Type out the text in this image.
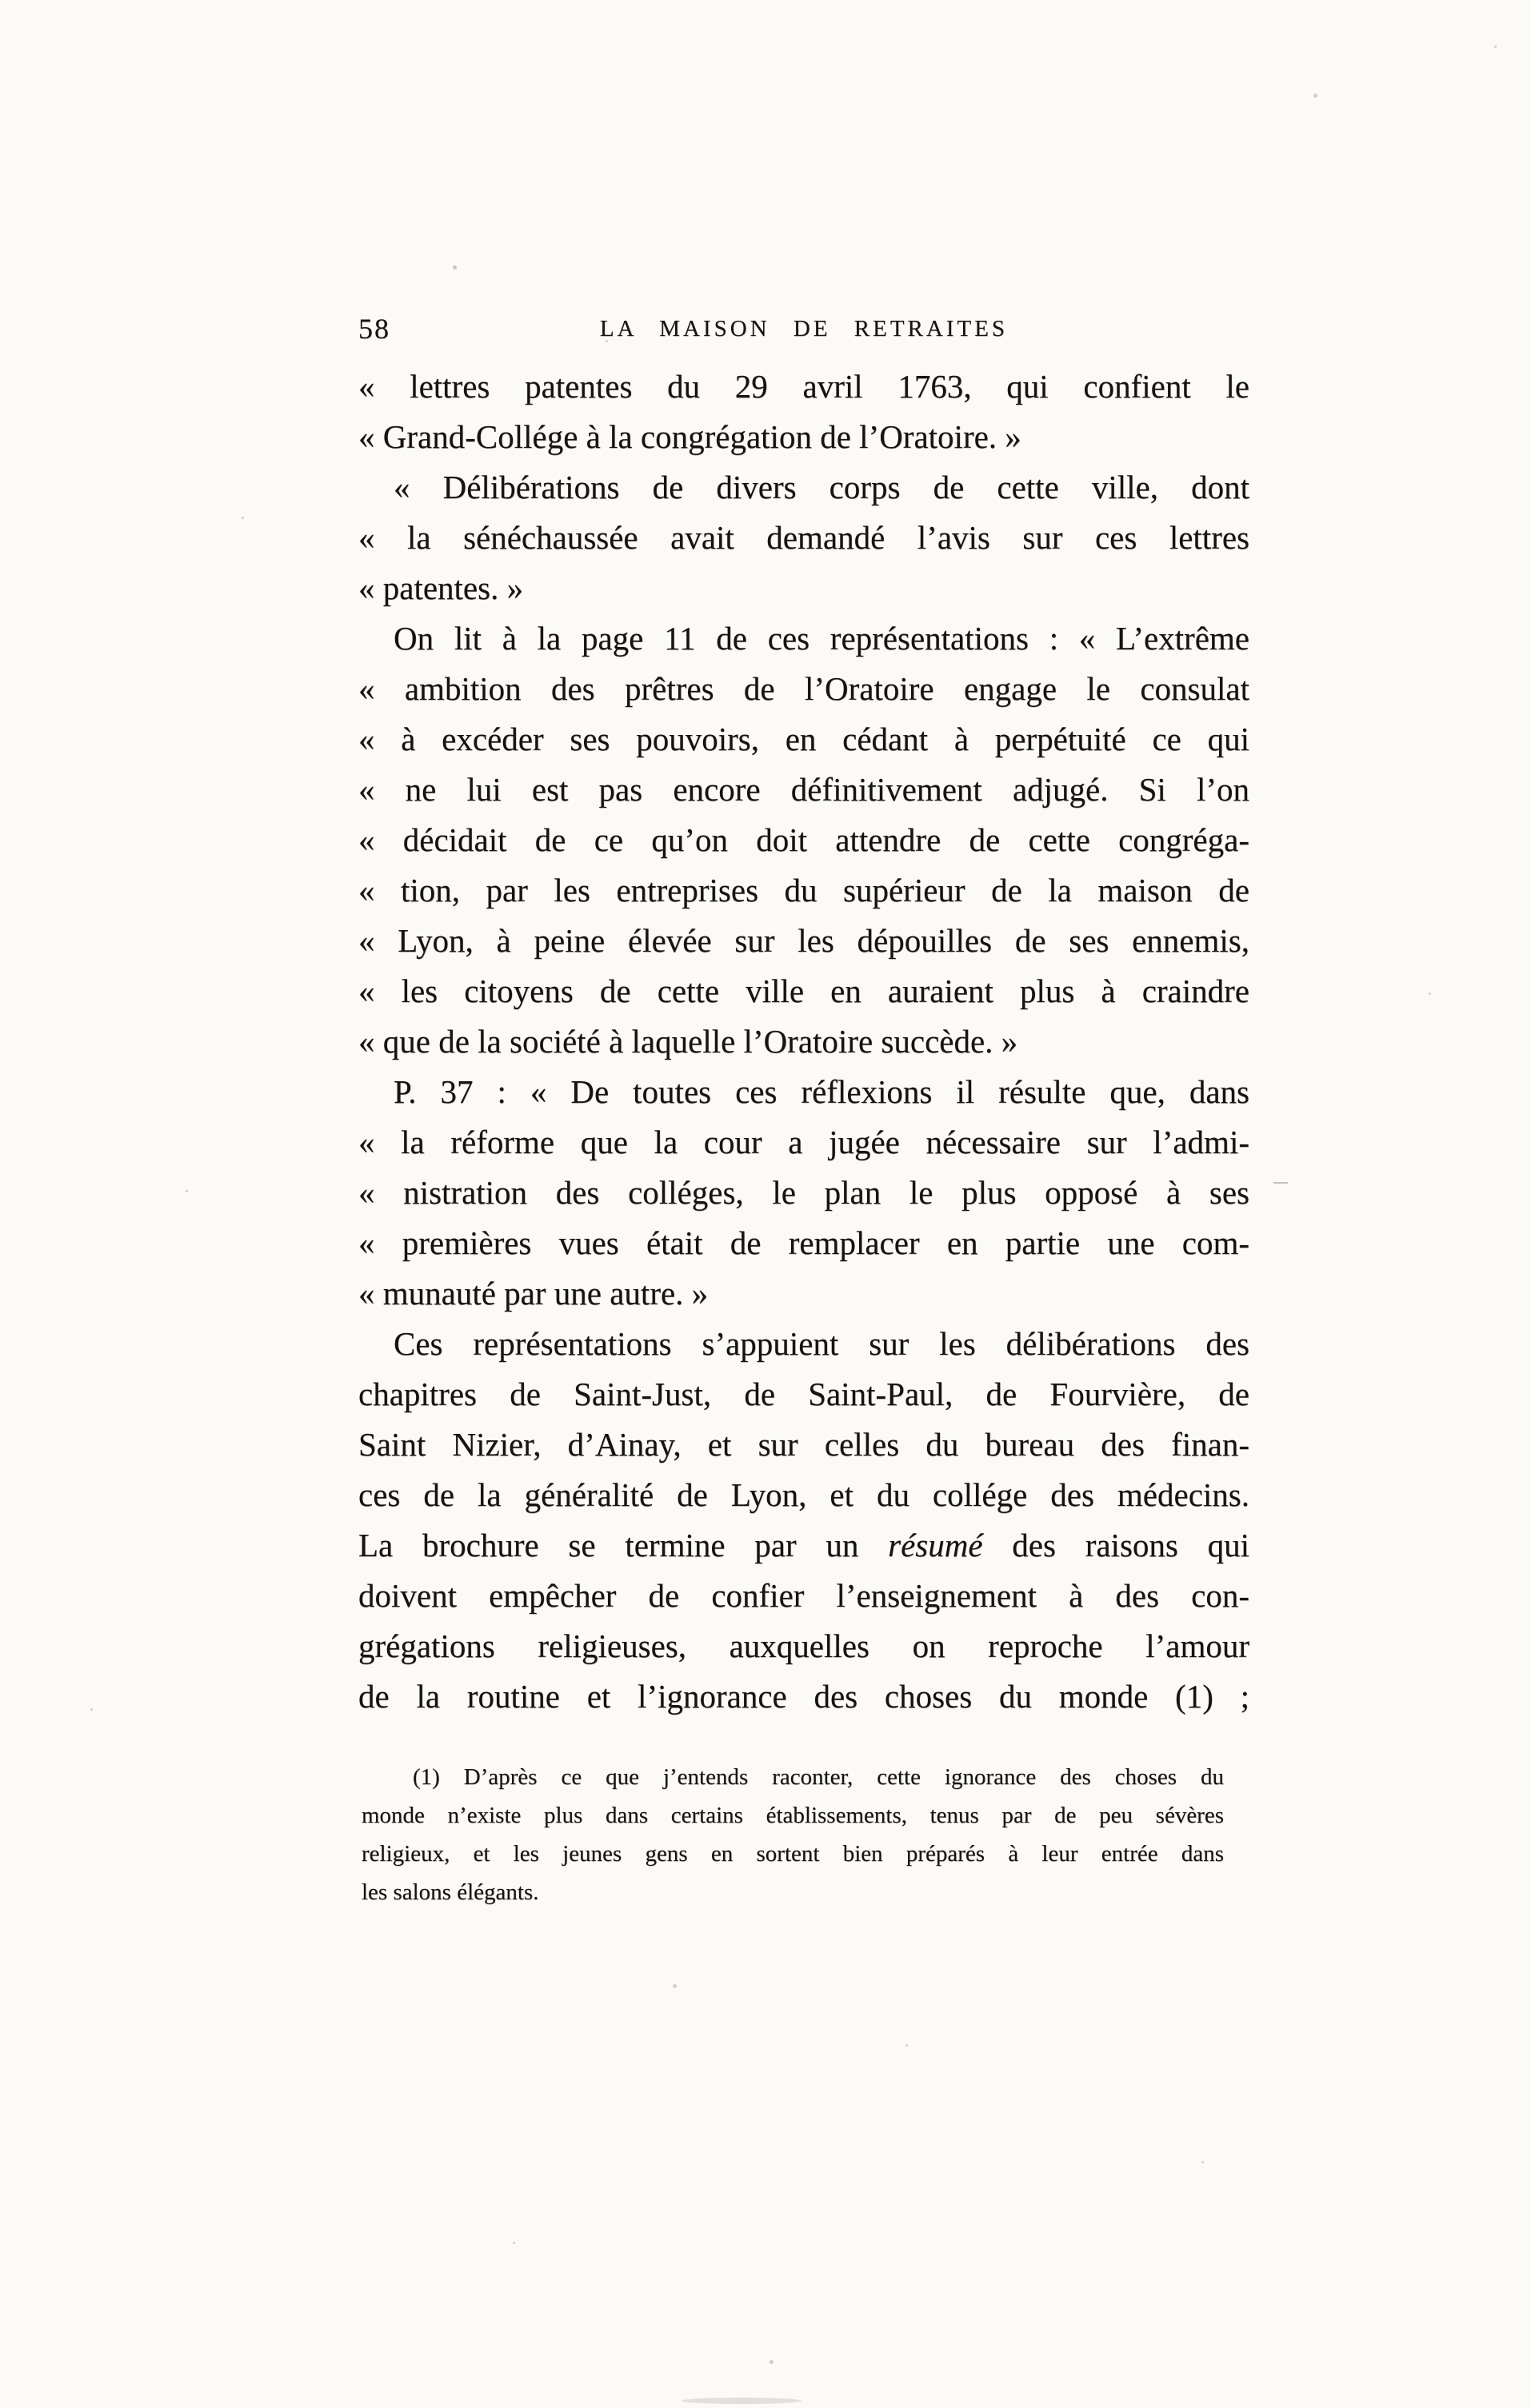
58	LA MAISON DE RETRAITES

« lettres patentes du 29 avril 1763, qui confient le

« Grand-Collége à la congrégation de l’Oratoire. »

« Délibérations de divers corps de cette ville, dont

« la sénéchaussée avait demandé l’avis sur ces lettres

« patentes. »

On lit à la page 11 de ces représentations : « L’extrême

« ambition des prêtres de l’Oratoire engage le consulat

« à excéder ses pouvoirs, en cédant à perpétuité ce qui

« ne lui est pas encore définitivement adjugé. Si l’on

« décidait de ce qu’on doit attendre de cette congréga-

« tion, par les entreprises du supérieur de la maison de

« Lyon, à peine élevée sur les dépouilles de ses ennemis,

« les citoyens de cette ville en auraient plus à craindre

« que de la société à laquelle l’Oratoire succède. »

P. 37 : « De toutes ces réflexions il résulte que, dans

« la réforme que la cour a jugée nécessaire sur l’admi-

« nistration des colléges, le plan le plus opposé à ses

« premières vues était de remplacer en partie une com-

« munauté par une autre. »

Ces représentations s’appuient sur les délibérations des

chapitres de Saint-Just, de Saint-Paul, de Fourvière, de

Saint Nizier, d’Ainay, et sur celles du bureau des finan-

ces de la généralité de Lyon, et du collége des médecins.

La brochure se termine par un résumé des raisons qui

doivent empêcher de confier l’enseignement à des con-

grégations religieuses, auxquelles on reproche l’amour

de la routine et l’ignorance des choses du monde (1) ;

(1) D’après ce que j’entends raconter, cette ignorance des choses du

monde n’existe plus dans certains établissements, tenus par de peu sévères

religieux, et les jeunes gens en sortent bien préparés à leur entrée dans

les salons élégants.
